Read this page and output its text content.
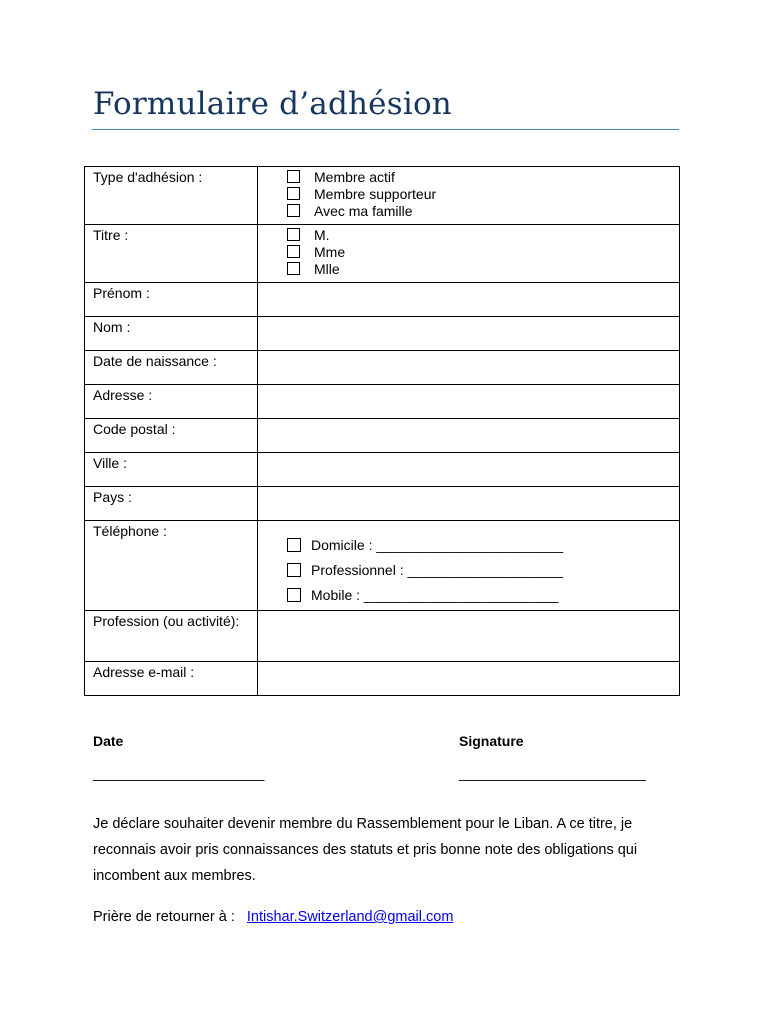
Formulaire d’adhésion
Type d'adhésion :	Membre actif
Membre supporteur
Avec ma famille

Titre :	M.
Mme
Mlle

Prénom :	
Nom :	
Date de naissance :	
Adresse :	
Code postal :	
Ville :	
Pays :	
Téléphone :	Domicile : ________________________
Professionnel : ____________________
Mobile : _________________________

Profession (ou activité):	
Adresse e-mail :	
Date	Signature
______________________	________________________
Je déclare souhaiter devenir membre du Rassemblement pour le Liban. A ce titre, je
reconnais avoir pris connaissances des statuts et pris bonne note des obligations qui
incombent aux membres.
Prière de retourner à : Intishar.Switzerland@gmail.com
